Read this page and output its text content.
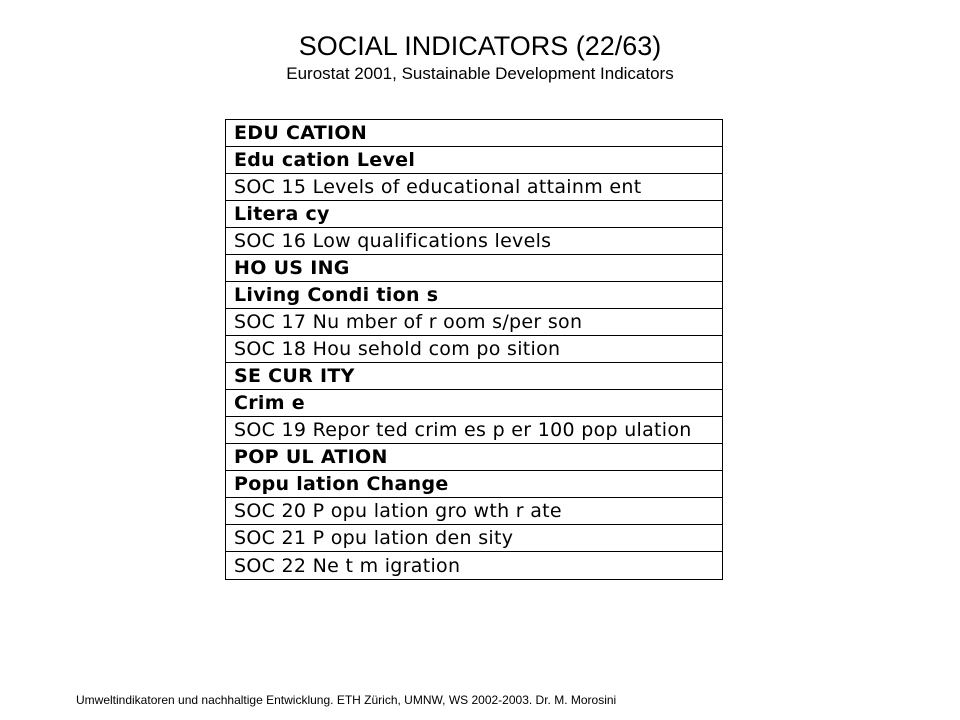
SOCIAL INDICATORS (22/63)
Eurostat 2001, Sustainable Development Indicators
EDU CATION
Edu cation Level
SOC 15 Levels of educational attainm ent
Litera cy
SOC 16 Low qualifications levels
HO US ING
Living Condi tion s
SOC 17 Nu mber of r oom s/per son
SOC 18 Hou sehold com po sition
SE CUR ITY
Crim e
SOC 19 Repor ted crim es p er 100 pop ulation
POP UL ATION
Popu lation Change
SOC 20 P opu lation gro wth r ate
SOC 21 P opu lation den sity
SOC 22 Ne t m igration
Umweltindikatoren und nachhaltige Entwicklung. ETH Zürich, UMNW, WS 2002-2003. Dr. M. Morosini
